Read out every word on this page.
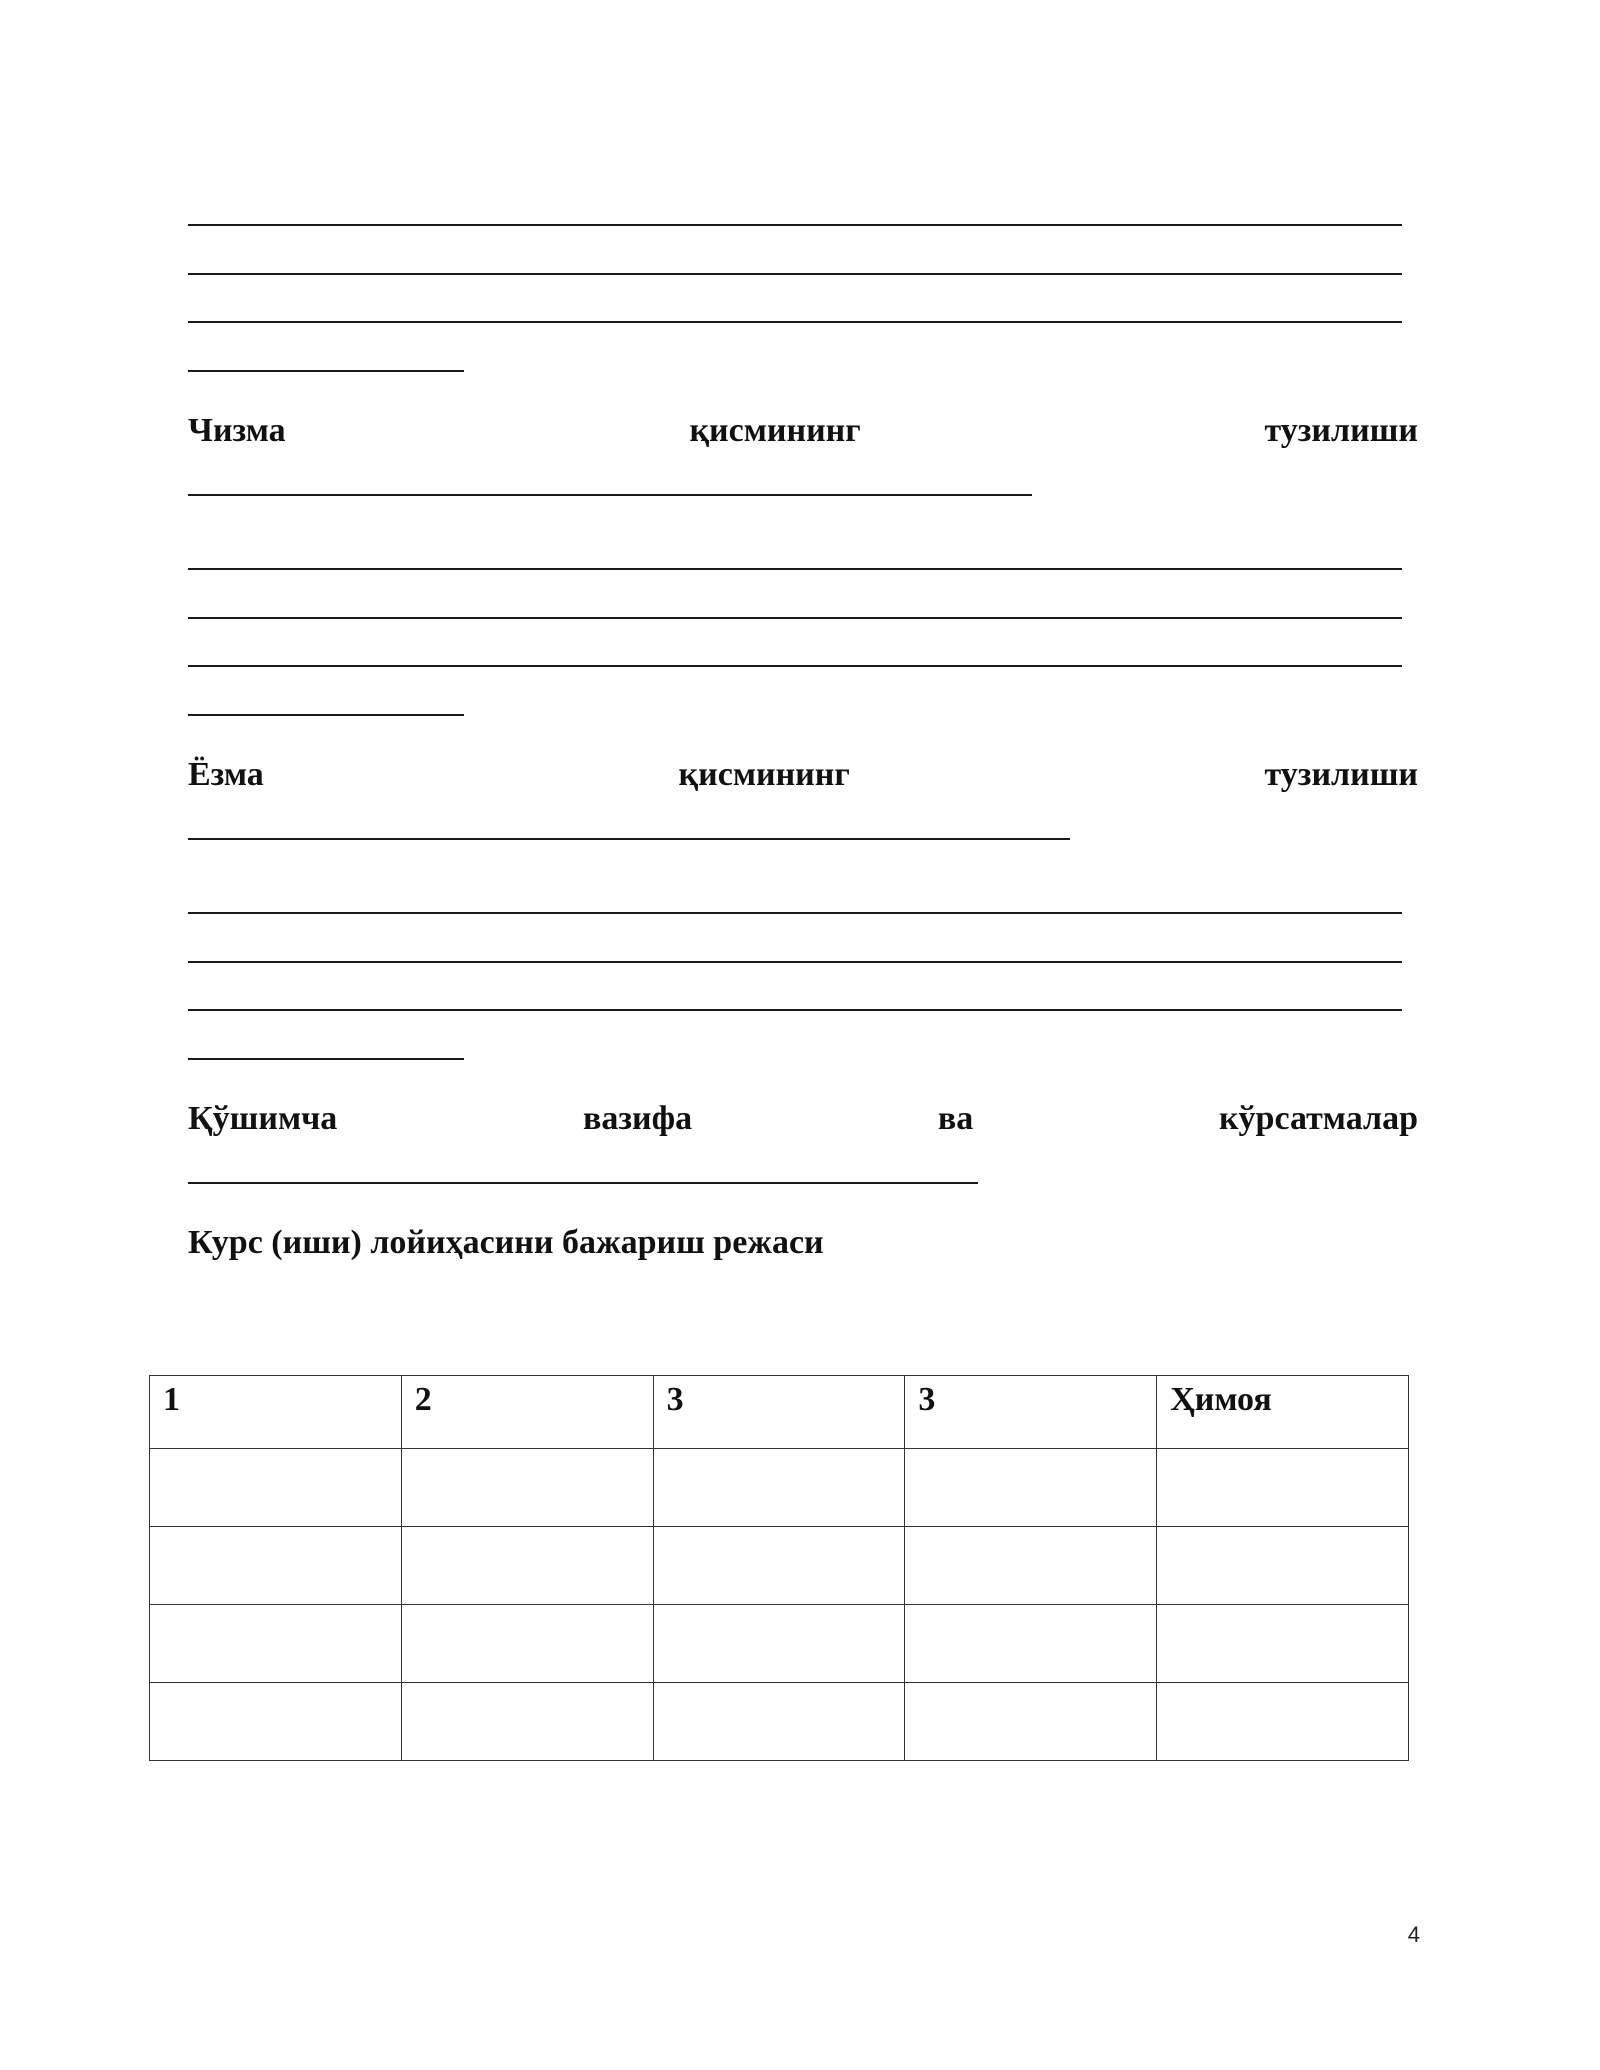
Чизма	қисмининг	тузилиши
Ёзма	қисмининг	тузилиши
Қўшимча	вазифа	ва	кўрсатмалар
Курс (иши) лойиҳасини бажариш режаси
1	2	3	3	Ҳимоя

4
